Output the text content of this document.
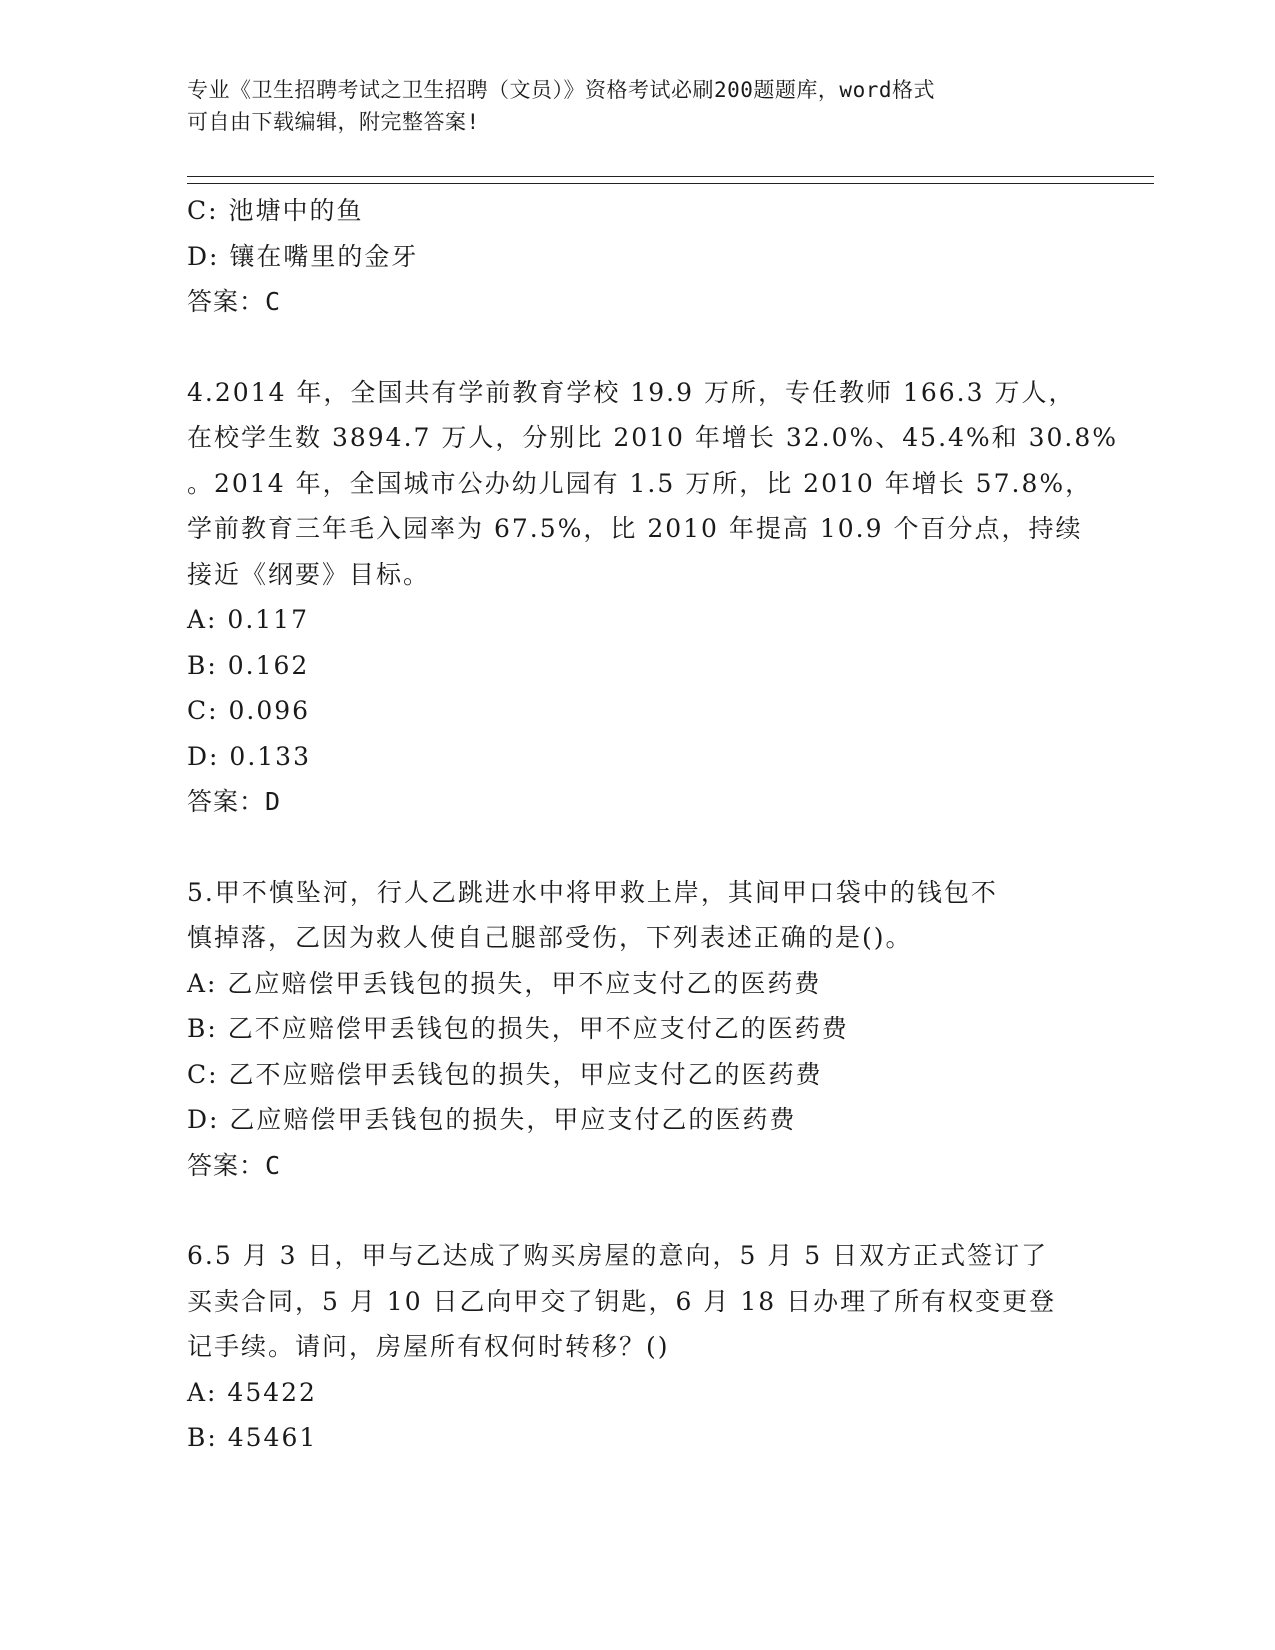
专业《卫生招聘考试之卫生招聘（文员）》资格考试必刷200题题库，word格式
可自由下载编辑，附完整答案!
C: 池塘中的鱼
D: 镶在嘴里的金牙
答案：C
4.2014 年，全国共有学前教育学校 19.9 万所，专任教师 166.3 万人，
在校学生数 3894.7 万人，分别比 2010 年增长 32.0%、45.4%和 30.8%
。2014 年，全国城市公办幼儿园有 1.5 万所，比 2010 年增长 57.8%，
学前教育三年毛入园率为 67.5%，比 2010 年提高 10.9 个百分点，持续
接近《纲要》目标。
A: 0.117
B: 0.162
C: 0.096
D: 0.133
答案：D
5.甲不慎坠河，行人乙跳进水中将甲救上岸，其间甲口袋中的钱包不
慎掉落，乙因为救人使自己腿部受伤，下列表述正确的是()。
A: 乙应赔偿甲丢钱包的损失，甲不应支付乙的医药费
B: 乙不应赔偿甲丢钱包的损失，甲不应支付乙的医药费
C: 乙不应赔偿甲丢钱包的损失，甲应支付乙的医药费
D: 乙应赔偿甲丢钱包的损失，甲应支付乙的医药费
答案：C
6.5 月 3 日，甲与乙达成了购买房屋的意向，5 月 5 日双方正式签订了
买卖合同，5 月 10 日乙向甲交了钥匙，6 月 18 日办理了所有权变更登
记手续。请问，房屋所有权何时转移？()
A: 45422
B: 45461
